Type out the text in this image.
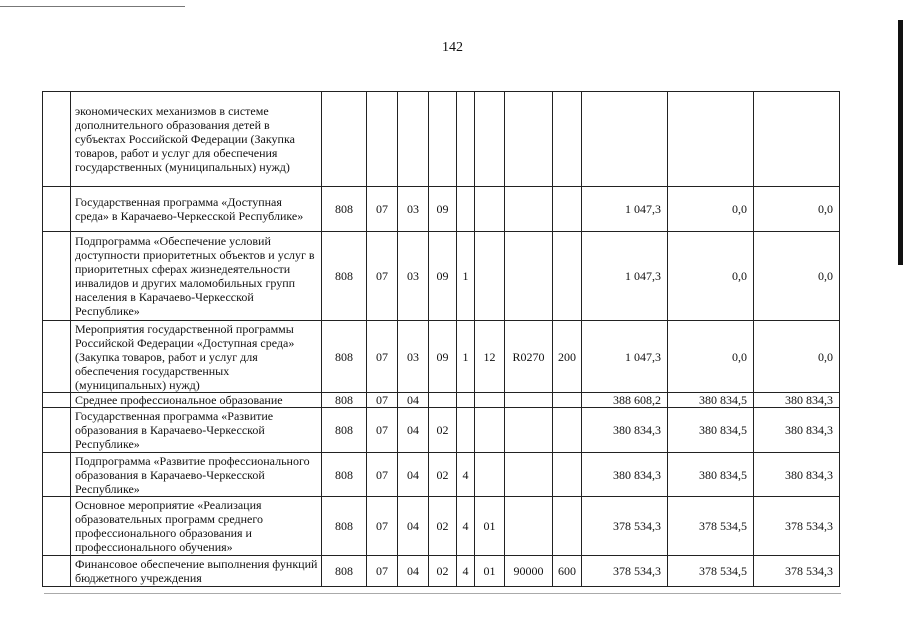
142
	экономических механизмов в системе дополнительного образования детей в субъектах Российской Федерации (Закупка товаров, работ и услуг для обеспечения государственных (муниципальных) нужд)											
	Государственная программа «Доступная среда» в Карачаево-Черкесской Республике»	808	07	03	09					1 047,3	0,0	0,0
	Подпрограмма «Обеспечение условий доступности приоритетных объектов и услуг в приоритетных сферах жизнедеятельности инвалидов и других маломобильных групп населения в Карачаево-Черкесской Республике»	808	07	03	09	1				1 047,3	0,0	0,0
	Мероприятия государственной программы Российской Федерации «Доступная среда» (Закупка товаров, работ и услуг для обеспечения государственных (муниципальных) нужд)	808	07	03	09	1	12	R0270	200	1 047,3	0,0	0,0
	Среднее профессиональное образование	808	07	04						388 608,2	380 834,5	380 834,3
	Государственная программа «Развитие образования в Карачаево-Черкесской Республике»	808	07	04	02					380 834,3	380 834,5	380 834,3
	Подпрограмма «Развитие профессионального образования в Карачаево-Черкесской Республике»	808	07	04	02	4				380 834,3	380 834,5	380 834,3
	Основное мероприятие «Реализация образовательных программ среднего профессионального образования и профессионального обучения»	808	07	04	02	4	01			378 534,3	378 534,5	378 534,3
	Финансовое обеспечение выполнения функций бюджетного учреждения	808	07	04	02	4	01	90000	600	378 534,3	378 534,5	378 534,3
